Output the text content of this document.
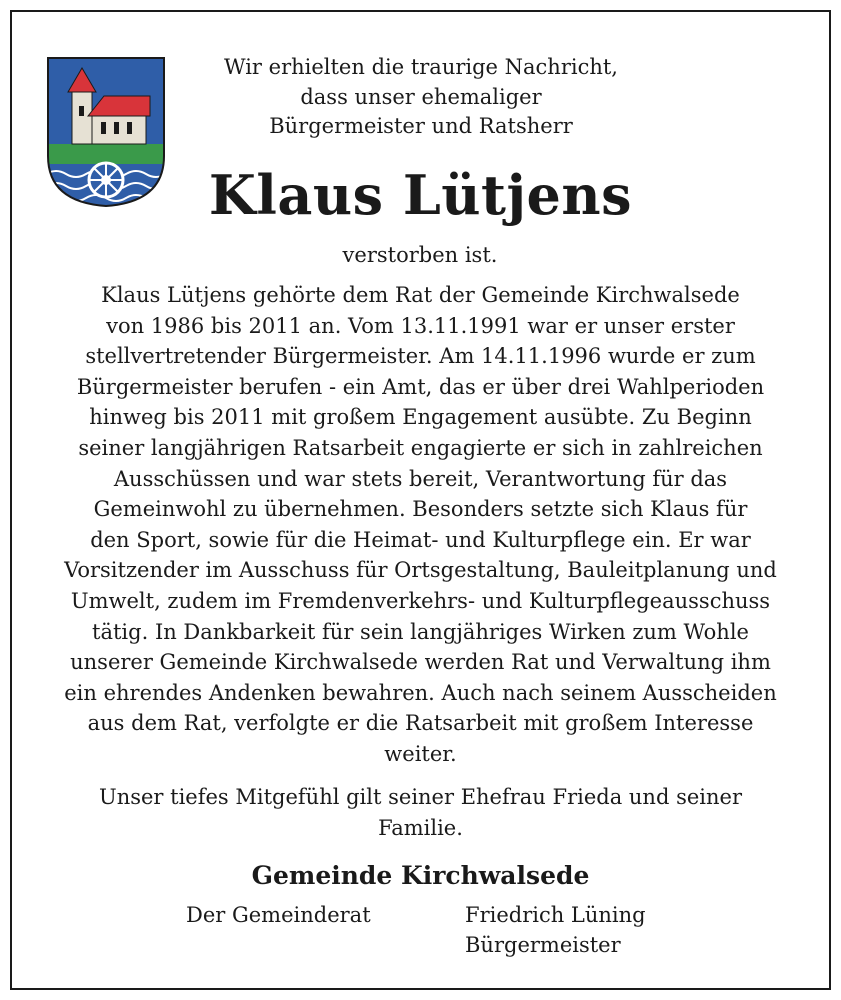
Wir erhielten die traurige Nachricht,
dass unser ehemaliger
Bürgermeister und Ratsherr
Klaus Lütjens
verstorben ist.
Klaus Lütjens gehörte dem Rat der Gemeinde Kirchwalsede
von 1986 bis 2011 an. Vom 13.11.1991 war er unser erster
stellvertretender Bürgermeister. Am 14.11.1996 wurde er zum
Bürgermeister berufen - ein Amt, das er über drei Wahlperioden
hinweg bis 2011 mit großem Engagement ausübte. Zu Beginn
seiner langjährigen Ratsarbeit engagierte er sich in zahlreichen
Ausschüssen und war stets bereit, Verantwortung für das
Gemeinwohl zu übernehmen. Besonders setzte sich Klaus für
den Sport, sowie für die Heimat- und Kulturpflege ein. Er war
Vorsitzender im Ausschuss für Ortsgestaltung, Bauleitplanung und
Umwelt, zudem im Fremdenverkehrs- und Kulturpflegeausschuss
tätig. In Dankbarkeit für sein langjähriges Wirken zum Wohle
unserer Gemeinde Kirchwalsede werden Rat und Verwaltung ihm
ein ehrendes Andenken bewahren. Auch nach seinem Ausscheiden
aus dem Rat, verfolgte er die Ratsarbeit mit großem Interesse
weiter.
Unser tiefes Mitgefühl gilt seiner Ehefrau Frieda und seiner
Familie.
Gemeinde Kirchwalsede
Der Gemeinderat	Friedrich Lüning
Bürgermeister
